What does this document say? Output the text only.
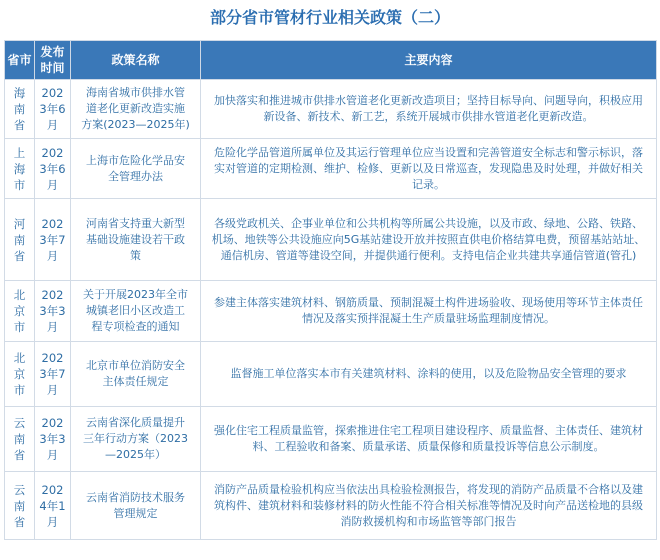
部分省市管材行业相关政策（二）
省市	发布时间	政策名称	主要内容
海南省	2023年6月	海南省城市供排水管道老化更新改造实施方案(2023—2025年)	加快落实和推进城市供排水管道老化更新改造项目；坚持目标导向、问题导向，积极应用新设备、新技术、新工艺，系统开展城市供排水管道老化更新改造。
上海市	2023年6月	上海市危险化学品安全管理办法	危险化学品管道所属单位及其运行管理单位应当设置和完善管道安全标志和警示标识，落实对管道的定期检测、维护、检修、更新以及日常巡查，发现隐患及时处理，并做好相关记录。
河南省	2023年7月	河南省支持重大新型基础设施建设若干政策	各级党政机关、企事业单位和公共机构等所属公共设施，以及市政、绿地、公路、铁路、机场、地铁等公共设施应向5G基站建设开放并按照直供电价格结算电费，预留基站站址、通信机房、管道等建设空间，并提供通行便利。支持电信企业共建共享通信管道(管孔)
北京市	2023年3月	关于开展2023年全市城镇老旧小区改造工程专项检查的通知	参建主体落实建筑材料、钢筋质量、预制混凝土构件进场验收、现场使用等环节主体责任情况及落实预拌混凝土生产质量驻场监理制度情况。
北京市	2023年7月	北京市单位消防安全主体责任规定	监督施工单位落实本市有关建筑材料、涂料的使用，以及危险物品安全管理的要求
云南省	2023年3月	云南省深化质量提升三年行动方案（2023—2025年）	强化住宅工程质量监管，探索推进住宅工程项目建设程序、质量监督、主体责任、建筑材料、工程验收和备案、质量承诺、质量保修和质量投诉等信息公示制度。
云南省	2024年1月	云南省消防技术服务管理规定	消防产品质量检验机构应当依法出具检验检测报告，将发现的消防产品质量不合格以及建筑构件、建筑材料和装修材料的防火性能不符合相关标准等情况及时向产品送检地的县级消防救援机构和市场监管等部门报告
